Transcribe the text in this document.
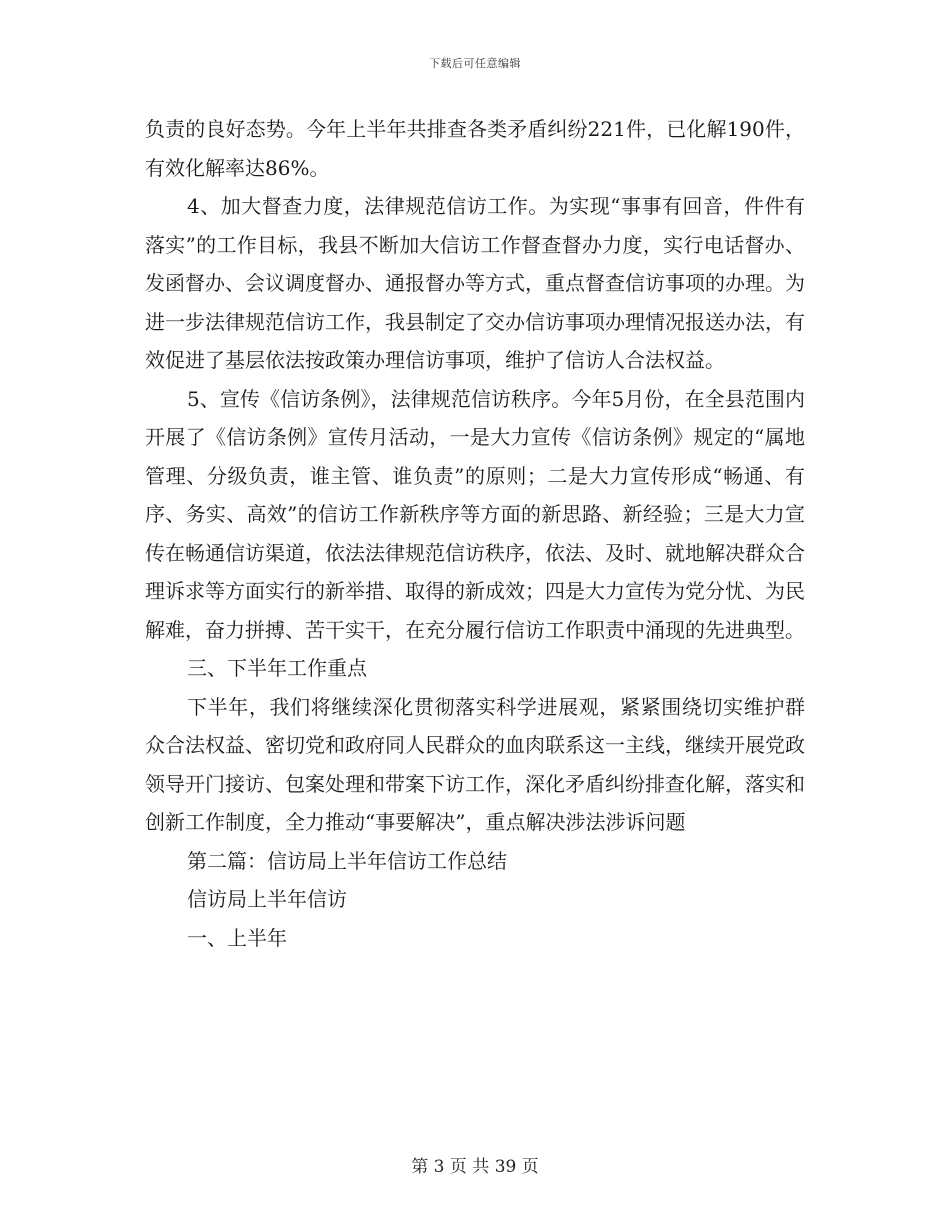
下载后可任意编辑

负责的良好态势。今年上半年共排查各类矛盾纠纷221件，已化解190件，有效化解率达86%。

4、加大督查力度，法律规范信访工作。为实现“事事有回音，件件有落实”的工作目标，我县不断加大信访工作督查督办力度，实行电话督办、发函督办、会议调度督办、通报督办等方式，重点督查信访事项的办理。为进一步法律规范信访工作，我县制定了交办信访事项办理情况报送办法，有效促进了基层依法按政策办理信访事项，维护了信访人合法权益。

5、宣传《信访条例》，法律规范信访秩序。今年5月份，在全县范围内开展了《信访条例》宣传月活动，一是大力宣传《信访条例》规定的“属地管理、分级负责，谁主管、谁负责”的原则；二是大力宣传形成“畅通、有序、务实、高效”的信访工作新秩序等方面的新思路、新经验；三是大力宣传在畅通信访渠道，依法法律规范信访秩序，依法、及时、就地解决群众合理诉求等方面实行的新举措、取得的新成效；四是大力宣传为党分忧、为民解难，奋力拼搏、苦干实干，在充分履行信访工作职责中涌现的先进典型。

三、下半年工作重点

下半年，我们将继续深化贯彻落实科学进展观，紧紧围绕切实维护群众合法权益、密切党和政府同人民群众的血肉联系这一主线，继续开展党政领导开门接访、包案处理和带案下访工作，深化矛盾纠纷排查化解，落实和创新工作制度，全力推动“事要解决”，重点解决涉法涉诉问题

第二篇：信访局上半年信访工作总结

信访局上半年信访

一、上半年

第 3 页 共 39 页
